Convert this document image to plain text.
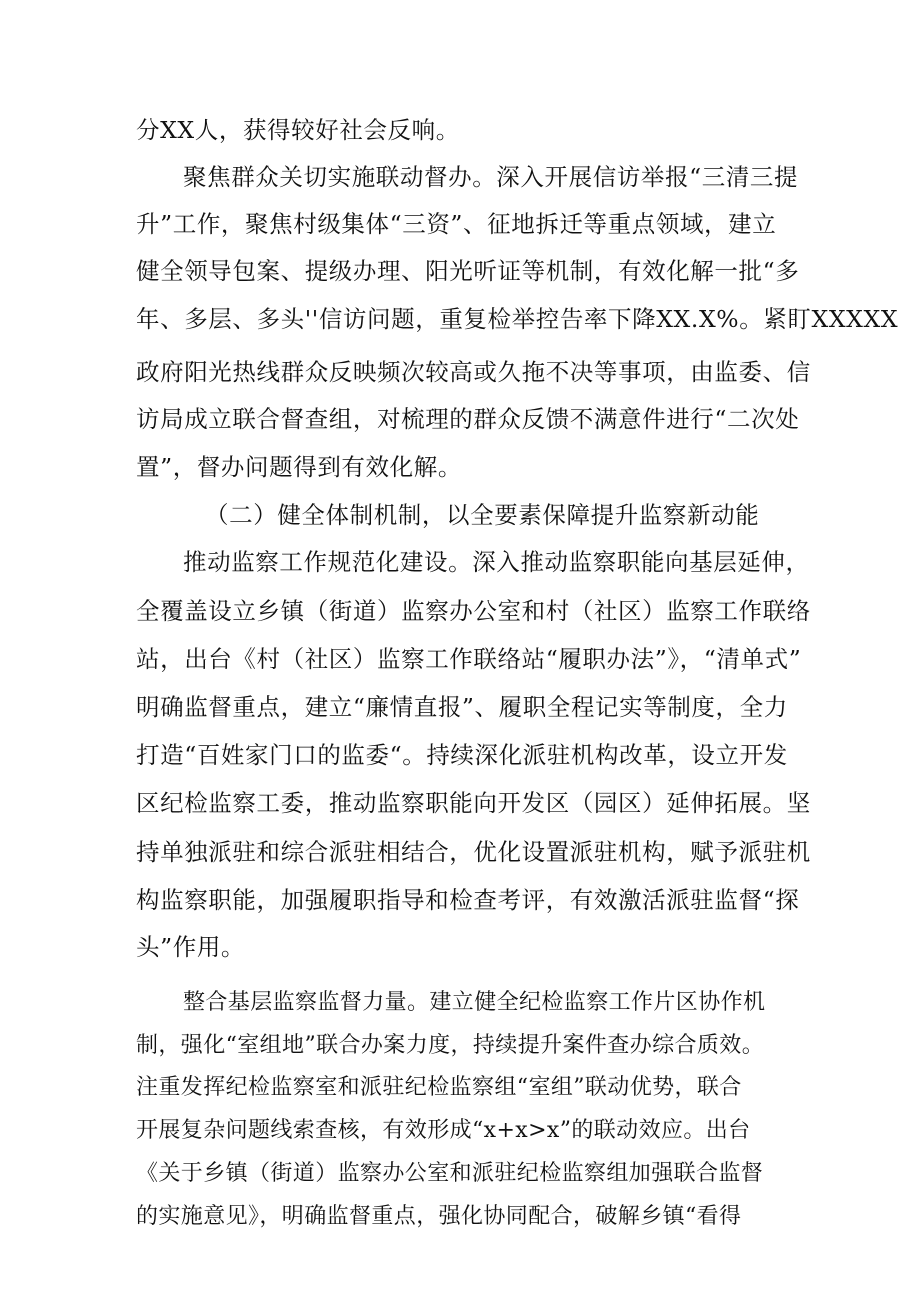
分XX人，获得较好社会反响。
聚焦群众关切实施联动督办。深入开展信访举报“三清三提
升”工作，聚焦村级集体“三资”、征地拆迁等重点领域，建立
健全领导包案、提级办理、阳光听证等机制，有效化解一批“多
年、多层、多头''信访问题，重复检举控告率下降XX.X%。紧盯XXXXX
政府阳光热线群众反映频次较高或久拖不决等事项，由监委、信
访局成立联合督查组，对梳理的群众反馈不满意件进行“二次处
置”，督办问题得到有效化解。
（二）健全体制机制，以全要素保障提升监察新动能
推动监察工作规范化建设。深入推动监察职能向基层延伸，
全覆盖设立乡镇（街道）监察办公室和村（社区）监察工作联络
站，出台《村（社区）监察工作联络站“履职办法”》，“清单式”
明确监督重点，建立“廉情直报”、履职全程记实等制度，全力
打造“百姓家门口的监委“。持续深化派驻机构改革，设立开发
区纪检监察工委，推动监察职能向开发区（园区）延伸拓展。坚
持单独派驻和综合派驻相结合，优化设置派驻机构，赋予派驻机
构监察职能，加强履职指导和检查考评，有效激活派驻监督“探
头”作用。
整合基层监察监督力量。建立健全纪检监察工作片区协作机
制，强化“室组地”联合办案力度，持续提升案件查办综合质效。
注重发挥纪检监察室和派驻纪检监察组“室组”联动优势，联合
开展复杂问题线索查核，有效形成“x+x>x”的联动效应。出台
《关于乡镇（街道）监察办公室和派驻纪检监察组加强联合监督
的实施意见》，明确监督重点，强化协同配合，破解乡镇“看得
